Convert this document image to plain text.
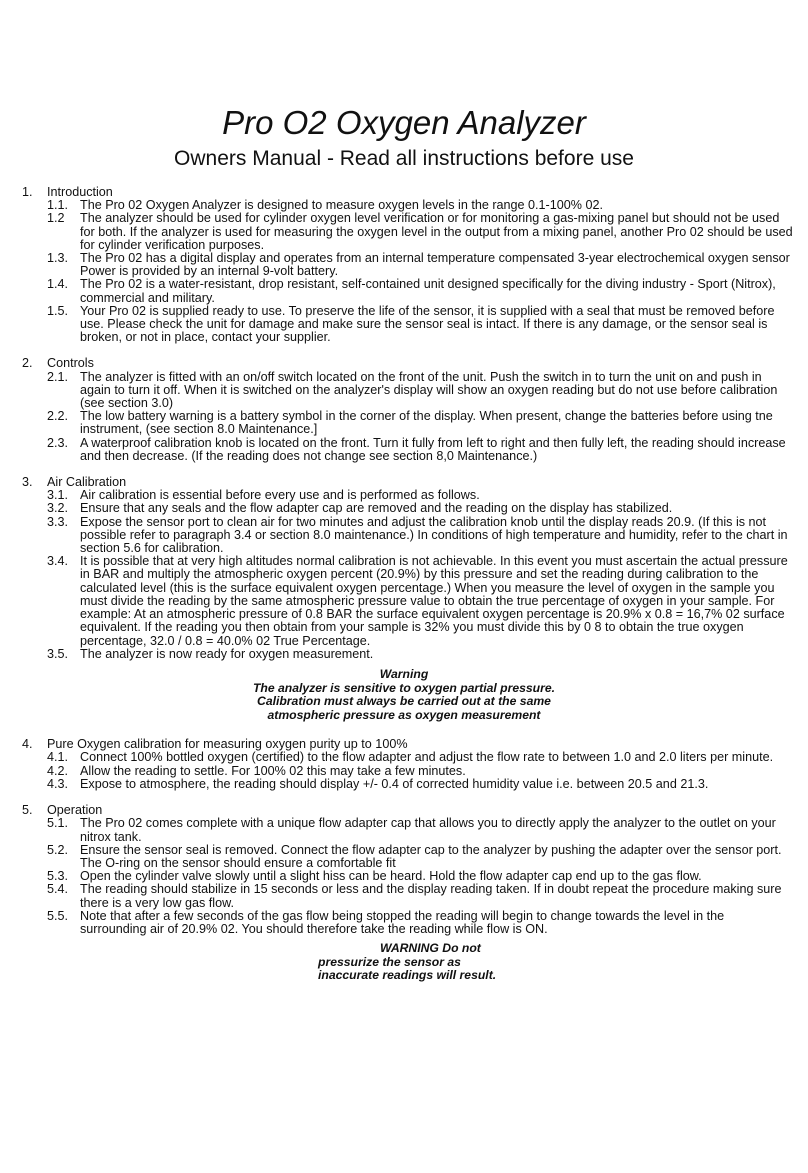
Pro O2 Oxygen Analyzer
Owners Manual - Read all instructions before use
1.	Introduction
1.1. The Pro 02 Oxygen Analyzer is designed to measure oxygen levels in the range 0.1-100% 02.
1.2 The analyzer should be used for cylinder oxygen level verification or for monitoring a gas-mixing panel but should not be used for both. If the analyzer is used for measuring the oxygen level in the output from a mixing panel, another Pro 02 should be used for cylinder verification purposes.
1.3. The Pro 02 has a digital display and operates from an internal temperature compensated 3-year electrochemical oxygen sensor Power is provided by an internal 9-volt battery.
1.4. The Pro 02 is a water-resistant, drop resistant, self-contained unit designed specifically for the diving industry - Sport (Nitrox), commercial and military.
1.5. Your Pro 02 is supplied ready to use. To preserve the life of the sensor, it is supplied with a seal that must be removed before use. Please check the unit for damage and make sure the sensor seal is intact. If there is any damage, or the sensor seal is broken, or not in place, contact your supplier.
2.	Controls
2.1. The analyzer is fitted with an on/off switch located on the front of the unit. Push the switch in to turn the unit on and push in again to turn it off. When it is switched on the analyzer's display will show an oxygen reading but do not use before calibration (see section 3.0)
2.2. The low battery warning is a battery symbol in the corner of the display. When present, change the batteries before using tne instrument, (see section 8.0 Maintenance.]
2.3. A waterproof calibration knob is located on the front. Turn it fully from left to right and then fully left, the reading should increase and then decrease. (If the reading does not change see section 8,0 Maintenance.)
3.	Air Calibration
3.1. Air calibration is essential before every use and is performed as follows.
3.2. Ensure that any seals and the flow adapter cap are removed and the reading on the display has stabilized.
3.3. Expose the sensor port to clean air for two minutes and adjust the calibration knob until the display reads 20.9. (If this is not possible refer to paragraph 3.4 or section 8.0 maintenance.) In conditions of high temperature and humidity, refer to the chart in section 5.6 for calibration.
3.4. It is possible that at very high altitudes normal calibration is not achievable. In this event you must ascertain the actual pressure in BAR and multiply the atmospheric oxygen percent (20.9%) by this pressure and set the reading during calibration to the calculated level (this is the surface equivalent oxygen percentage.) When you measure the level of oxygen in the sample you must divide the reading by the same atmospheric pressure value to obtain the true percentage of oxygen in your sample. For example: At an atmospheric pressure of 0.8 BAR the surface equivalent oxygen percentage is 20.9% x 0.8 = 16,7% 02 surface equivalent. If the reading you then obtain from your sample is 32% you must divide this by 0 8 to obtain the true oxygen percentage, 32.0 / 0.8 = 40.0% 02 True Percentage.
3.5. The analyzer is now ready for oxygen measurement.
Warning
The analyzer is sensitive to oxygen partial pressure.
Calibration must always be carried out at the same
atmospheric pressure as oxygen measurement
4.	Pure Oxygen calibration for measuring oxygen purity up to 100%
4.1. Connect 100% bottled oxygen (certified) to the flow adapter and adjust the flow rate to between 1.0 and 2.0 liters per minute.
4.2. Allow the reading to settle. For 100% 02 this may take a few minutes.
4.3. Expose to atmosphere, the reading should display +/- 0.4 of corrected humidity value i.e. between 20.5 and 21.3.
5.	Operation
5.1. The Pro 02 comes complete with a unique flow adapter cap that allows you to directly apply the analyzer to the outlet on your nitrox tank.
5.2. Ensure the sensor seal is removed. Connect the flow adapter cap to the analyzer by pushing the adapter over the sensor port. The O-ring on the sensor should ensure a comfortable fit
5.3. Open the cylinder valve slowly until a slight hiss can be heard. Hold the flow adapter cap end up to the gas flow.
5.4. The reading should stabilize in 15 seconds or less and the display reading taken. If in doubt repeat the procedure making sure there is a very low gas flow.
5.5. Note that after a few seconds of the gas flow being stopped the reading will begin to change towards the level in the surrounding air of 20.9% 02. You should therefore take the reading while flow is ON.
WARNING Do not
pressurize the sensor as
inaccurate readings will result.
